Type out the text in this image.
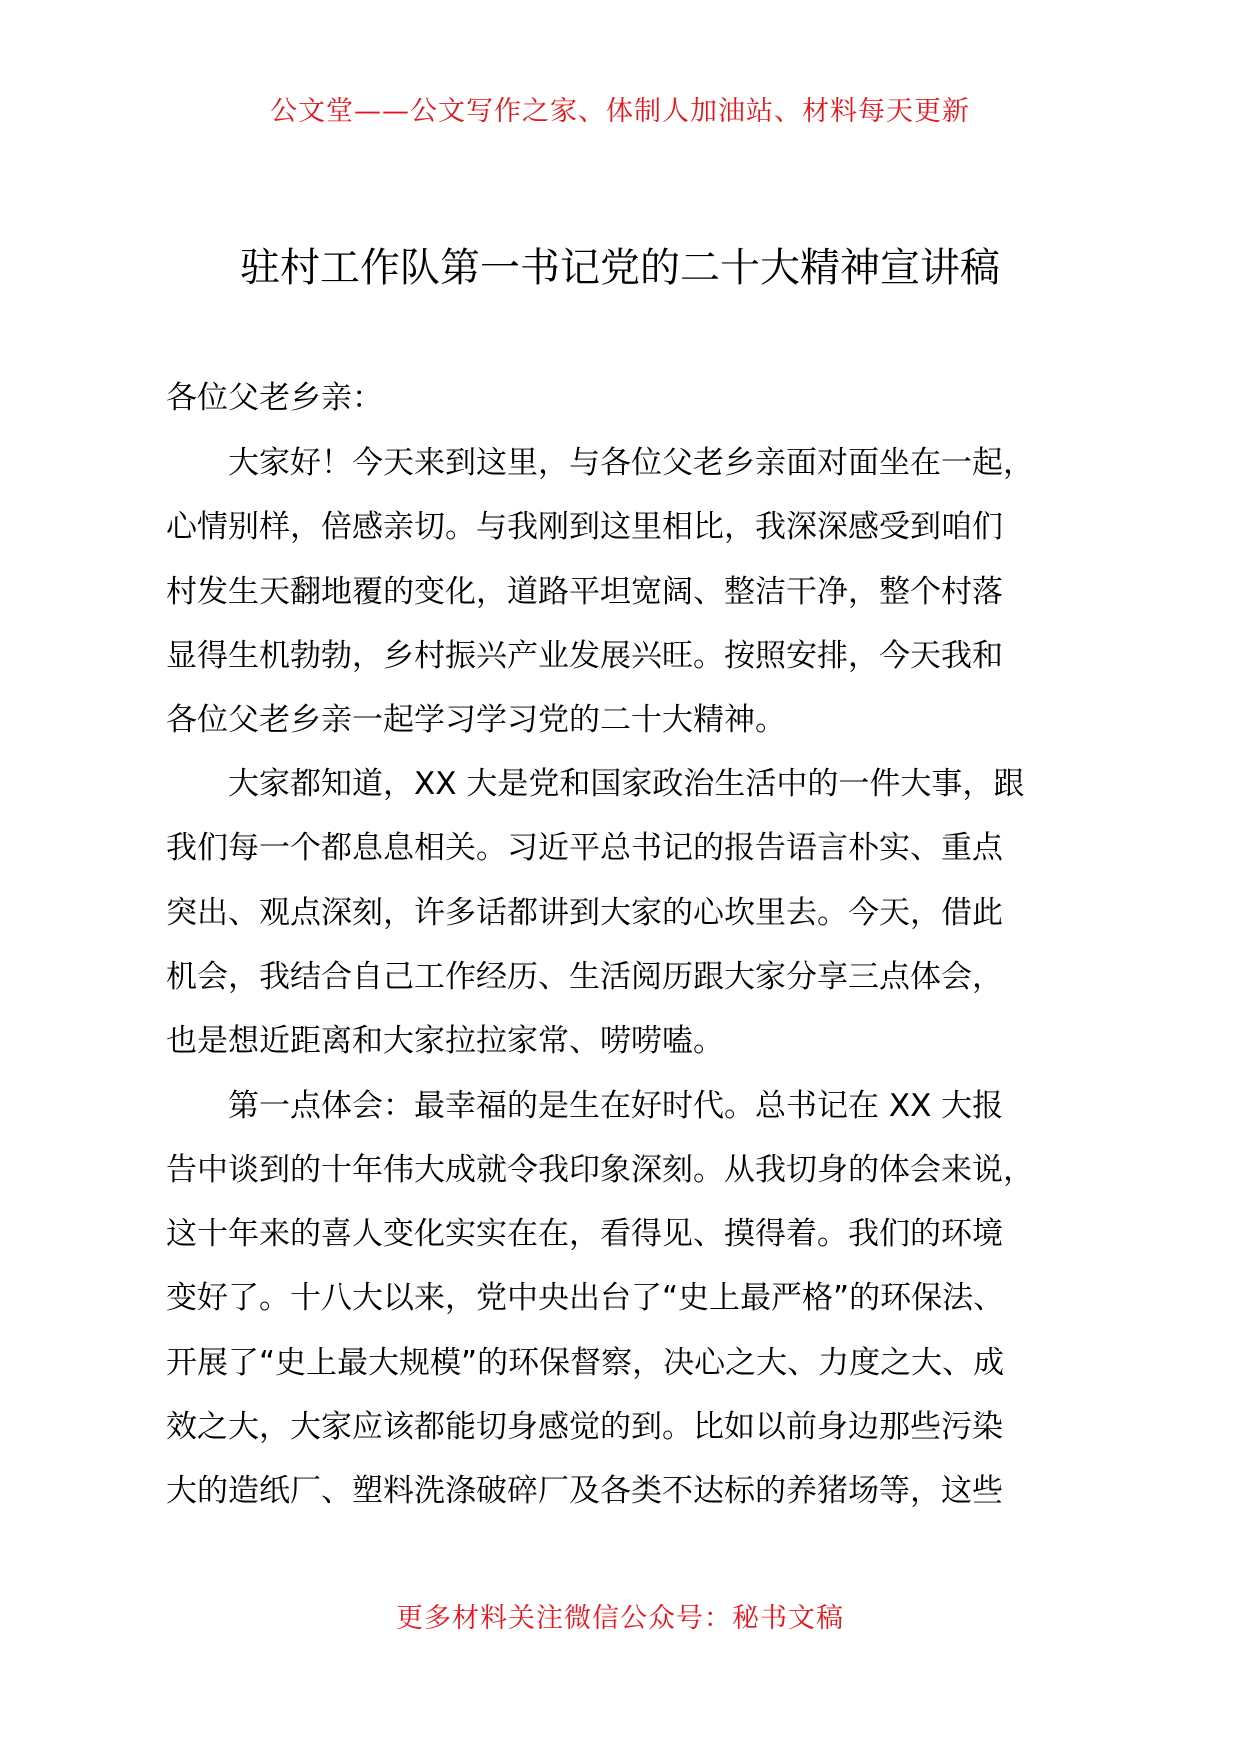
公文堂——公文写作之家、体制人加油站、材料每天更新
驻村工作队第一书记党的二十大精神宣讲稿
各位父老乡亲：
　　大家好！今天来到这里，与各位父老乡亲面对面坐在一起，
心情别样，倍感亲切。与我刚到这里相比，我深深感受到咱们
村发生天翻地覆的变化，道路平坦宽阔、整洁干净，整个村落
显得生机勃勃，乡村振兴产业发展兴旺。按照安排，今天我和
各位父老乡亲一起学习学习党的二十大精神。
　　大家都知道，XX 大是党和国家政治生活中的一件大事，跟
我们每一个都息息相关。习近平总书记的报告语言朴实、重点
突出、观点深刻，许多话都讲到大家的心坎里去。今天，借此
机会，我结合自己工作经历、生活阅历跟大家分享三点体会，
也是想近距离和大家拉拉家常、唠唠嗑。
　　第一点体会：最幸福的是生在好时代。总书记在 XX 大报
告中谈到的十年伟大成就令我印象深刻。从我切身的体会来说，
这十年来的喜人变化实实在在，看得见、摸得着。我们的环境
变好了。十八大以来，党中央出台了“史上最严格”的环保法、
开展了“史上最大规模”的环保督察，决心之大、力度之大、成
效之大，大家应该都能切身感觉的到。比如以前身边那些污染
大的造纸厂、塑料洗涤破碎厂及各类不达标的养猪场等，这些
更多材料关注微信公众号：秘书文稿
